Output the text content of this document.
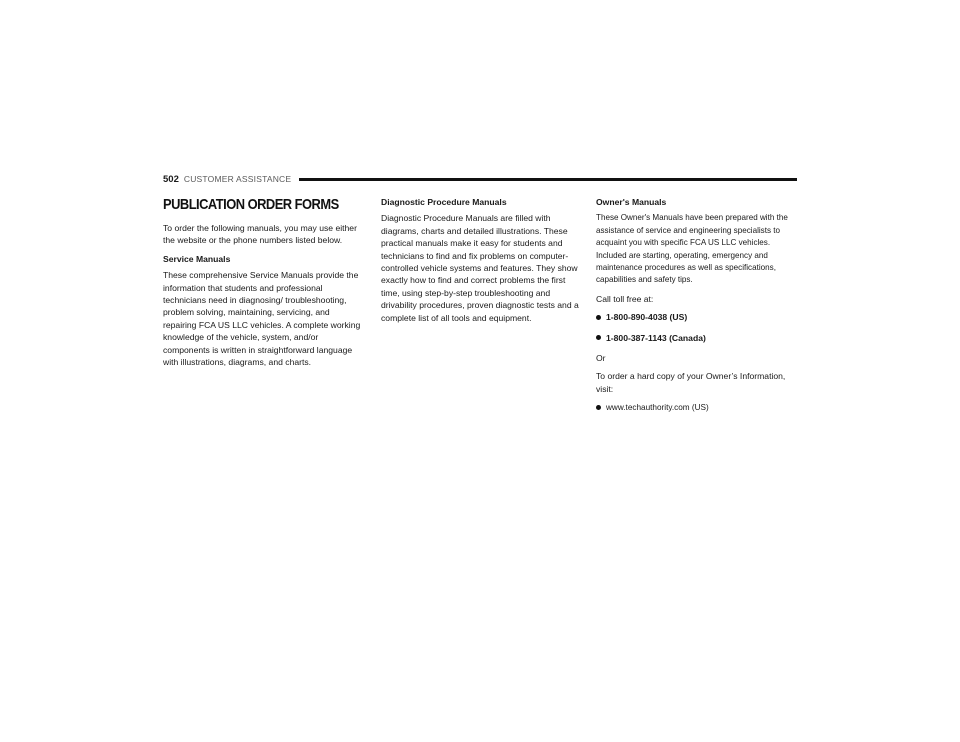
502 CUSTOMER ASSISTANCE
PUBLICATION ORDER FORMS

To order the following manuals, you may use either the website or the phone numbers listed below.

Service Manuals

These comprehensive Service Manuals provide the information that students and professional technicians need in diagnosing/ troubleshooting, problem solving, maintaining, servicing, and repairing FCA US LLC vehicles. A complete working knowledge of the vehicle, system, and/or components is written in straightforward language with illustrations, diagrams, and charts.

Diagnostic Procedure Manuals

Diagnostic Procedure Manuals are filled with diagrams, charts and detailed illustrations. These practical manuals make it easy for students and technicians to find and fix problems on computer-controlled vehicle systems and features. They show exactly how to find and correct problems the first time, using step-by-step troubleshooting and drivability procedures, proven diagnostic tests and a complete list of all tools and equipment.

Owner's Manuals

These Owner's Manuals have been prepared with the assistance of service and engineering specialists to acquaint you with specific FCA US LLC vehicles. Included are starting, operating, emergency and maintenance procedures as well as specifications, capabilities and safety tips.

Call toll free at:

1-800-890-4038 (US)
1-800-387-1143 (Canada)

Or

To order a hard copy of your Owner’s Information, visit:

www.techauthority.com (US)
